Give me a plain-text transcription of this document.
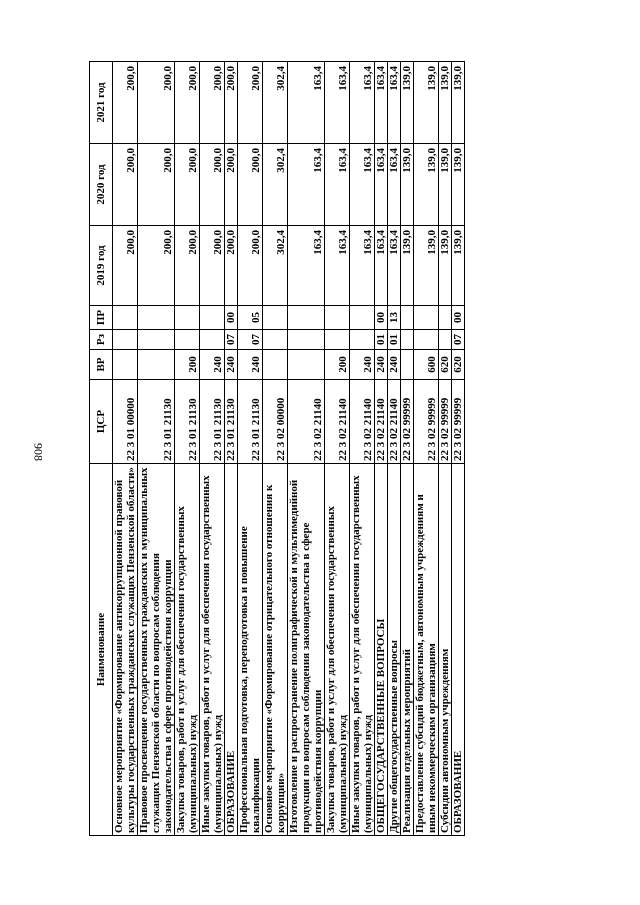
908
Наименование	ЦСР	ВР	Рз	ПР	2019 год	2020 год	2021 год
Основное мероприятие «Формирование антикоррупционной правовой культуры государственных гражданских служащих Пензенской области»	22 3 01 00000				200,0	200,0	200,0
Правовое просвещение государственных гражданских и муниципальных служащих Пензенской области по вопросам соблюдения законодательства в сфере противодействия коррупции	22 3 01 21130				200,0	200,0	200,0
Закупка товаров, работ и услуг для обеспечения государственных (муниципальных) нужд	22 3 01 21130	200			200,0	200,0	200,0
Иные закупки товаров, работ и услуг для обеспечения государственных (муниципальных) нужд	22 3 01 21130	240			200,0	200,0	200,0
ОБРАЗОВАНИЕ	22 3 01 21130	240	07	00	200,0	200,0	200,0
Профессиональная подготовка, переподготовка и повышение квалификации	22 3 01 21130	240	07	05	200,0	200,0	200,0
Основное мероприятие «Формирование отрицательного отношения к коррупции»	22 3 02 00000				302,4	302,4	302,4
Изготовление и распространение полиграфической и мультимедийной продукции по вопросам соблюдения законодательства в сфере противодействия коррупции	22 3 02 21140				163,4	163,4	163,4
Закупка товаров, работ и услуг для обеспечения государственных (муниципальных) нужд	22 3 02 21140	200			163,4	163,4	163,4
Иные закупки товаров, работ и услуг для обеспечения государственных (муниципальных) нужд	22 3 02 21140	240			163,4	163,4	163,4
ОБЩЕГОСУДАРСТВЕННЫЕ ВОПРОСЫ	22 3 02 21140	240	01	00	163,4	163,4	163,4
Другие общегосударственные вопросы	22 3 02 21140	240	01	13	163,4	163,4	163,4
Реализация отдельных мероприятий	22 3 02 99999				139,0	139,0	139,0
Предоставление субсидий бюджетным, автономным учреждениям и иным некоммерческим организациям	22 3 02 99999	600			139,0	139,0	139,0
Субсидии автономным учреждениям	22 3 02 99999	620			139,0	139,0	139,0
ОБРАЗОВАНИЕ	22 3 02 99999	620	07	00	139,0	139,0	139,0
